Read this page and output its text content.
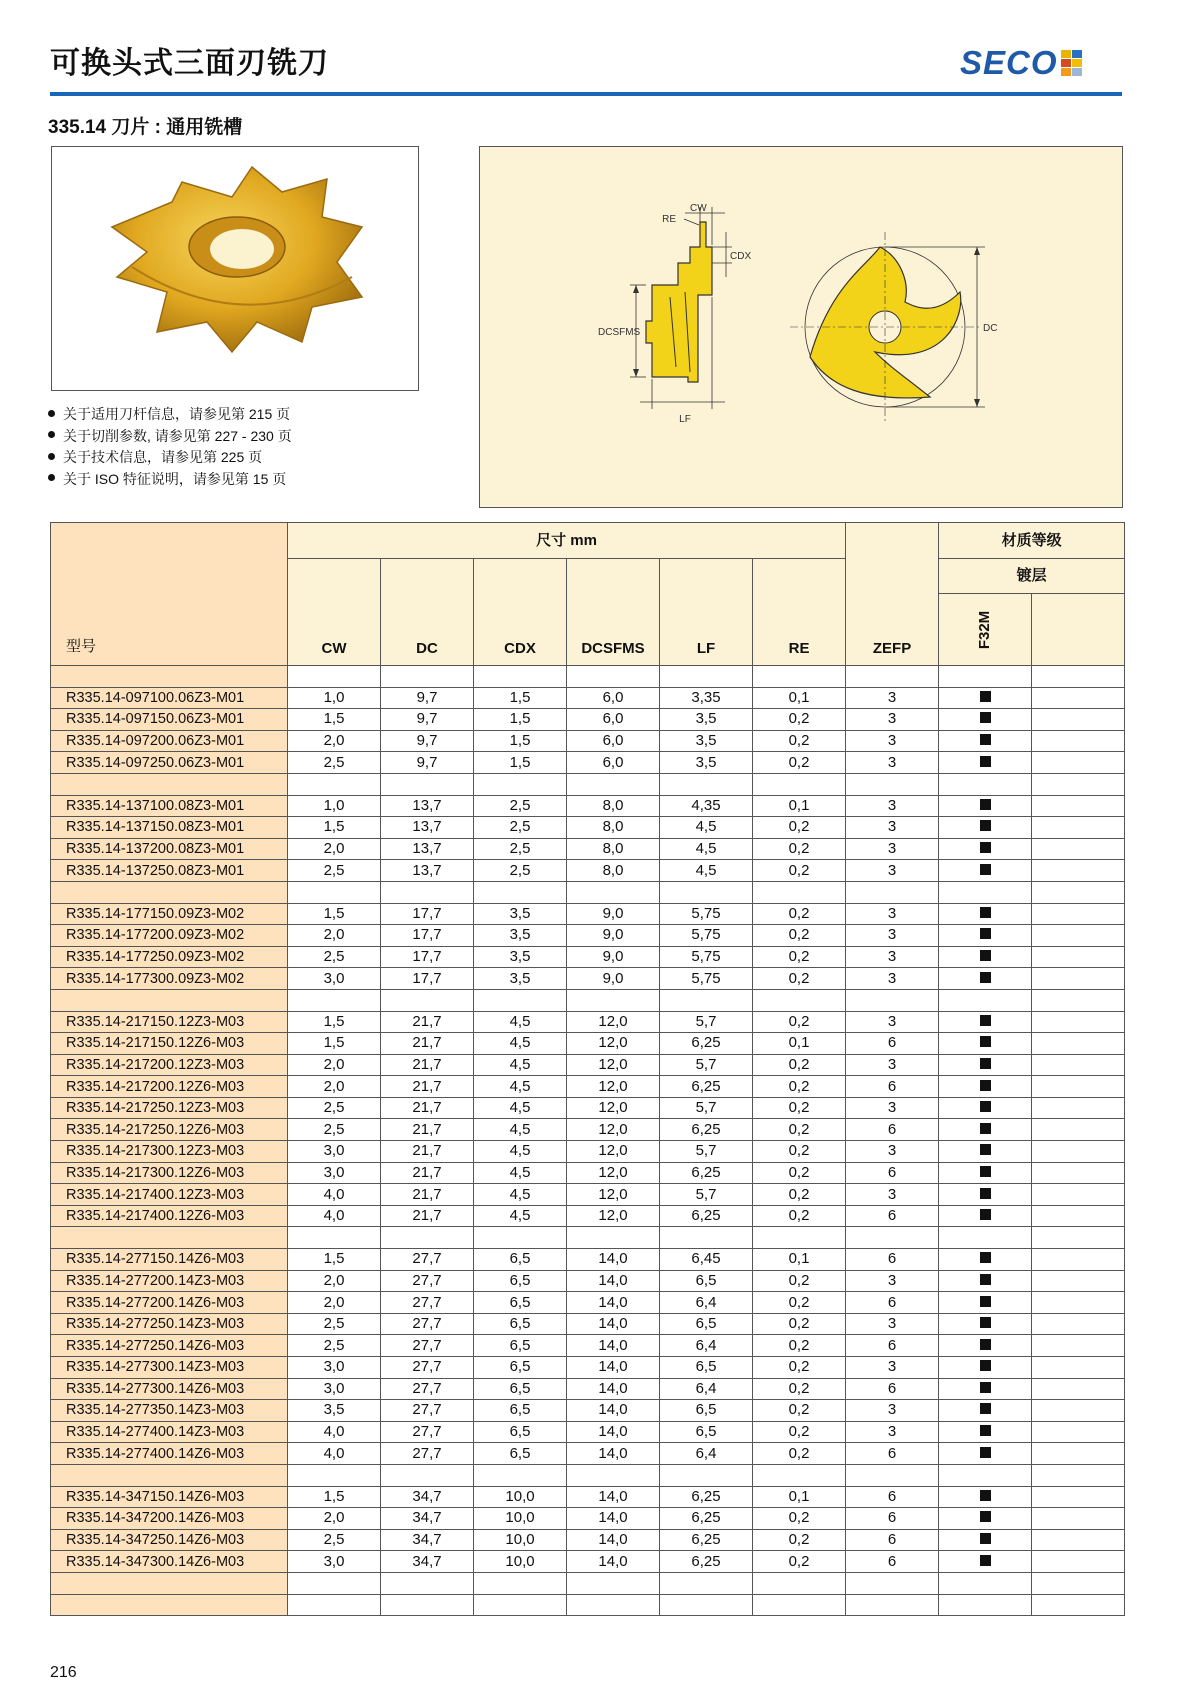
可换头式三面刃铣刀	SECO
335.14 刀片 : 通用铣槽
关于适用刀杆信息，请参见第 215 页
关于切削参数, 请参见第 227 - 230 页
关于技术信息，请参见第 225 页
关于 ISO 特征说明，请参见第 15 页
RE
CW
CDX
DCSFMS
LF
DC
型号	尺寸 mm						ZEFP	材质等级	
	CW	DC	CDX	DCSFMS	LF	RE		镀层	
								F32M	

R335.14-097100.06Z3-M01	1,0	9,7	1,5	6,0	3,35	0,1	3		
R335.14-097150.06Z3-M01	1,5	9,7	1,5	6,0	3,5	0,2	3		
R335.14-097200.06Z3-M01	2,0	9,7	1,5	6,0	3,5	0,2	3		
R335.14-097250.06Z3-M01	2,5	9,7	1,5	6,0	3,5	0,2	3		

R335.14-137100.08Z3-M01	1,0	13,7	2,5	8,0	4,35	0,1	3		
R335.14-137150.08Z3-M01	1,5	13,7	2,5	8,0	4,5	0,2	3		
R335.14-137200.08Z3-M01	2,0	13,7	2,5	8,0	4,5	0,2	3		
R335.14-137250.08Z3-M01	2,5	13,7	2,5	8,0	4,5	0,2	3		

R335.14-177150.09Z3-M02	1,5	17,7	3,5	9,0	5,75	0,2	3		
R335.14-177200.09Z3-M02	2,0	17,7	3,5	9,0	5,75	0,2	3		
R335.14-177250.09Z3-M02	2,5	17,7	3,5	9,0	5,75	0,2	3		
R335.14-177300.09Z3-M02	3,0	17,7	3,5	9,0	5,75	0,2	3		

R335.14-217150.12Z3-M03	1,5	21,7	4,5	12,0	5,7	0,2	3		
R335.14-217150.12Z6-M03	1,5	21,7	4,5	12,0	6,25	0,1	6		
R335.14-217200.12Z3-M03	2,0	21,7	4,5	12,0	5,7	0,2	3		
R335.14-217200.12Z6-M03	2,0	21,7	4,5	12,0	6,25	0,2	6		
R335.14-217250.12Z3-M03	2,5	21,7	4,5	12,0	5,7	0,2	3		
R335.14-217250.12Z6-M03	2,5	21,7	4,5	12,0	6,25	0,2	6		
R335.14-217300.12Z3-M03	3,0	21,7	4,5	12,0	5,7	0,2	3		
R335.14-217300.12Z6-M03	3,0	21,7	4,5	12,0	6,25	0,2	6		
R335.14-217400.12Z3-M03	4,0	21,7	4,5	12,0	5,7	0,2	3		
R335.14-217400.12Z6-M03	4,0	21,7	4,5	12,0	6,25	0,2	6		

R335.14-277150.14Z6-M03	1,5	27,7	6,5	14,0	6,45	0,1	6		
R335.14-277200.14Z3-M03	2,0	27,7	6,5	14,0	6,5	0,2	3		
R335.14-277200.14Z6-M03	2,0	27,7	6,5	14,0	6,4	0,2	6		
R335.14-277250.14Z3-M03	2,5	27,7	6,5	14,0	6,5	0,2	3		
R335.14-277250.14Z6-M03	2,5	27,7	6,5	14,0	6,4	0,2	6		
R335.14-277300.14Z3-M03	3,0	27,7	6,5	14,0	6,5	0,2	3		
R335.14-277300.14Z6-M03	3,0	27,7	6,5	14,0	6,4	0,2	6		
R335.14-277350.14Z3-M03	3,5	27,7	6,5	14,0	6,5	0,2	3		
R335.14-277400.14Z3-M03	4,0	27,7	6,5	14,0	6,5	0,2	3		
R335.14-277400.14Z6-M03	4,0	27,7	6,5	14,0	6,4	0,2	6		

R335.14-347150.14Z6-M03	1,5	34,7	10,0	14,0	6,25	0,1	6		
R335.14-347200.14Z6-M03	2,0	34,7	10,0	14,0	6,25	0,2	6		
R335.14-347250.14Z6-M03	2,5	34,7	10,0	14,0	6,25	0,2	6		
R335.14-347300.14Z6-M03	3,0	34,7	10,0	14,0	6,25	0,2	6		

216
